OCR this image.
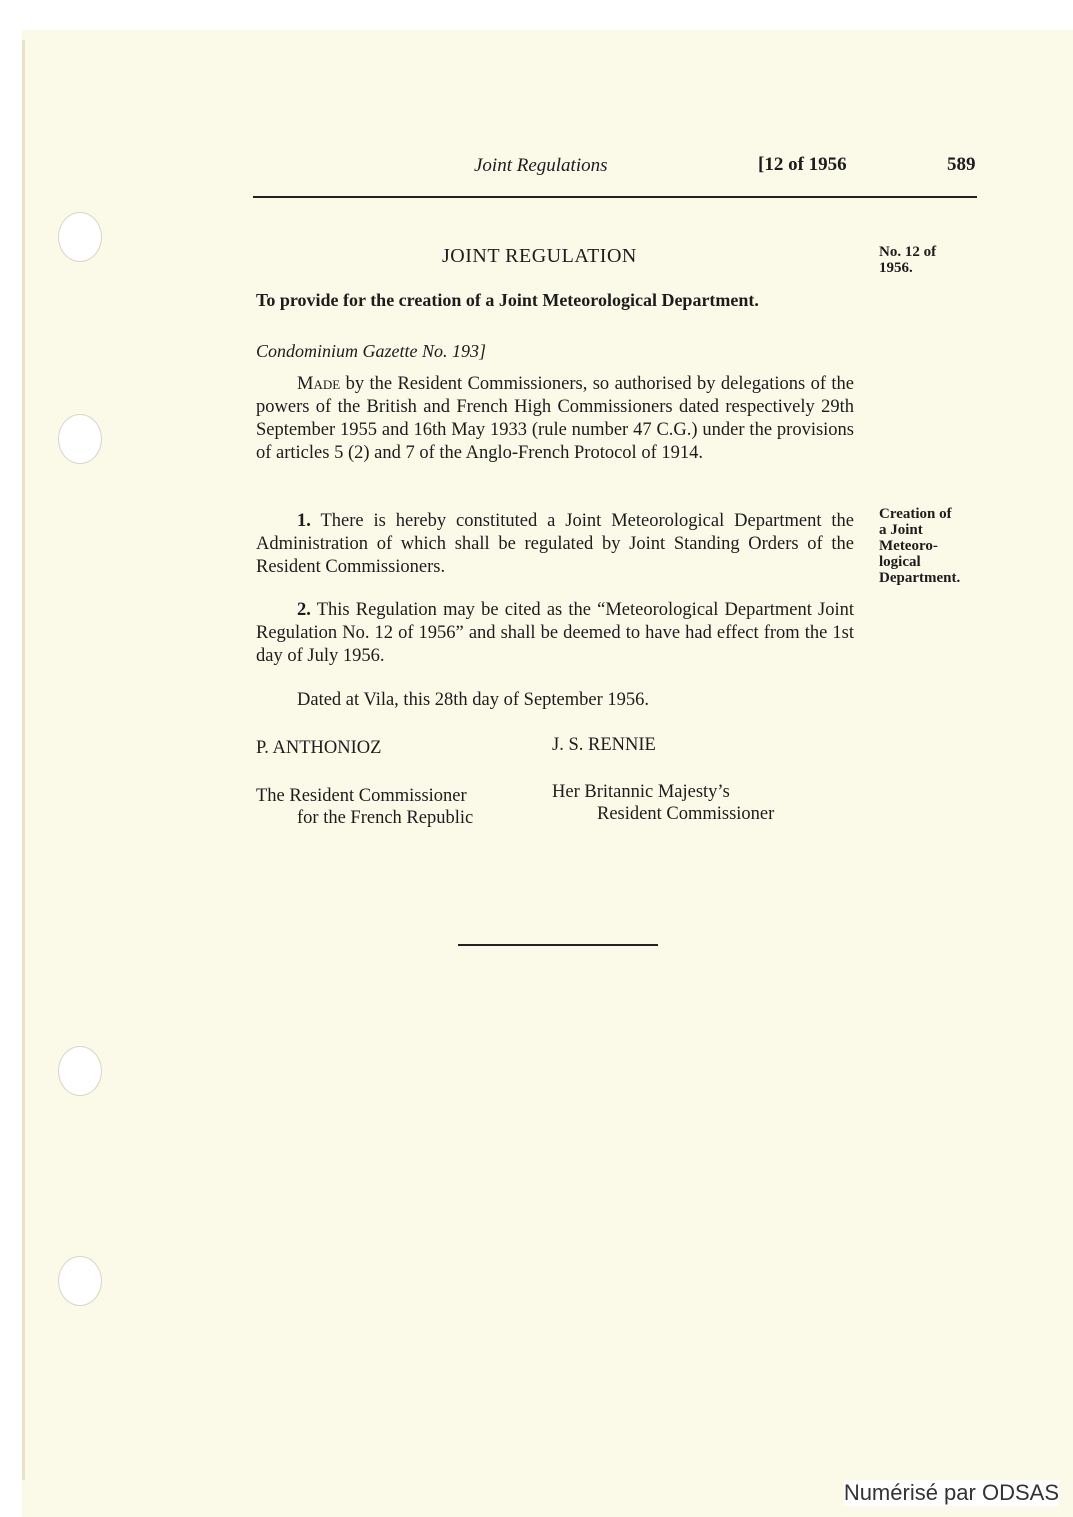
Joint Regulations	[12 of 1956	589
JOINT REGULATION	No. 12 of
1956.
To provide for the creation of a Joint Meteorological Department.
Condominium Gazette No. 193]
Made by the Resident Commissioners, so authorised by delegations of the powers of the British and French High Commissioners dated respectively 29th September 1955 and 16th May 1933 (rule number 47 C.G.) under the provisions of articles 5 (2) and 7 of the Anglo-French Protocol of 1914.
1. There is hereby constituted a Joint Meteorological Department the Administration of which shall be regulated by Joint Standing Orders of the Resident Commissioners.
Creation of
a Joint
Meteoro-
logical
Department.
2. This Regulation may be cited as the “Meteorological Department Joint Regulation No. 12 of 1956” and shall be deemed to have had effect from the 1st day of July 1956.
Dated at Vila, this 28th day of September 1956.
P. ANTHONIOZ	J. S. RENNIE
The Resident Commissioner
for the French Republic
Her Britannic Majesty’s
Resident Commissioner
Numérisé par ODSAS
